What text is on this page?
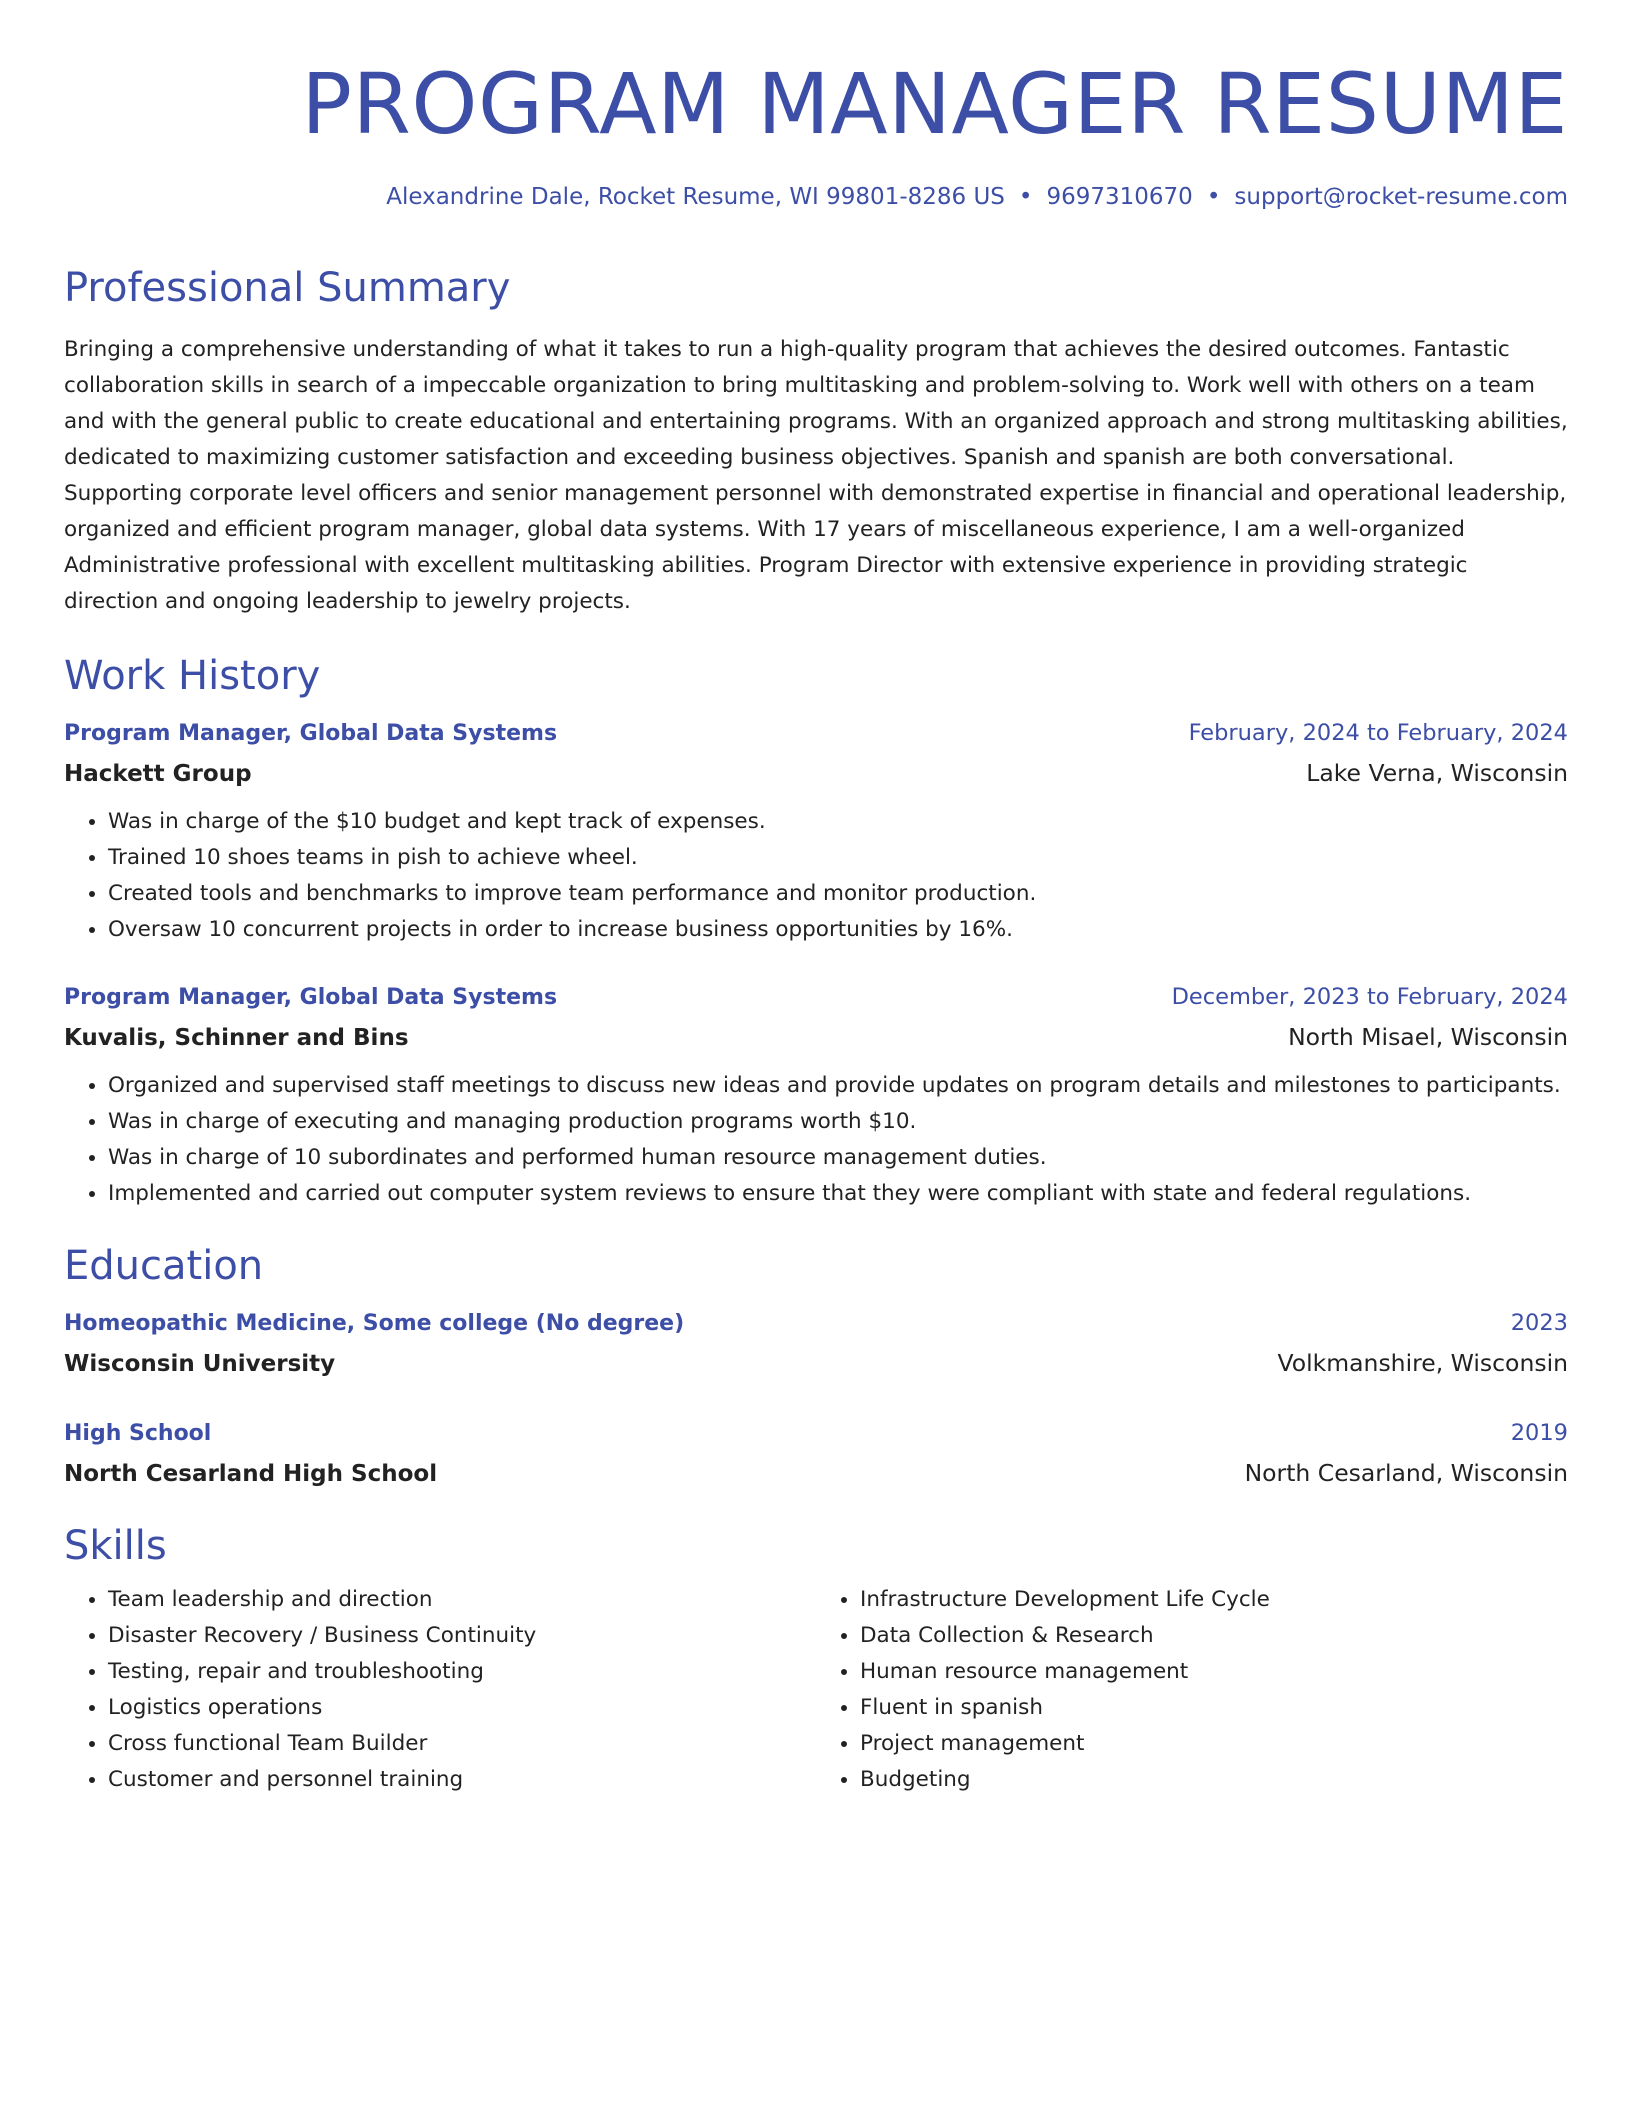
PROGRAM MANAGER RESUME
Alexandrine Dale, Rocket Resume, WI 99801-8286 US • 9697310670 • support@rocket-resume.com
Professional Summary
Bringing a comprehensive understanding of what it takes to run a high-quality program that achieves the desired outcomes. Fantastic collaboration skills in search of a impeccable organization to bring multitasking and problem-solving to. Work well with others on a team and with the general public to create educational and entertaining programs. With an organized approach and strong multitasking abilities, dedicated to maximizing customer satisfaction and exceeding business objectives. Spanish and spanish are both conversational. Supporting corporate level officers and senior management personnel with demonstrated expertise in financial and operational leadership, organized and efficient program manager, global data systems. With 17 years of miscellaneous experience, I am a well-organized Administrative professional with excellent multitasking abilities. Program Director with extensive experience in providing strategic direction and ongoing leadership to jewelry projects.
Work History
Program Manager, Global Data Systems	February, 2024 to February, 2024
Hackett Group	Lake Verna, Wisconsin
• Was in charge of the $10 budget and kept track of expenses.
• Trained 10 shoes teams in pish to achieve wheel.
• Created tools and benchmarks to improve team performance and monitor production.
• Oversaw 10 concurrent projects in order to increase business opportunities by 16%.
Program Manager, Global Data Systems	December, 2023 to February, 2024
Kuvalis, Schinner and Bins	North Misael, Wisconsin
• Organized and supervised staff meetings to discuss new ideas and provide updates on program details and milestones to participants.
• Was in charge of executing and managing production programs worth $10.
• Was in charge of 10 subordinates and performed human resource management duties.
• Implemented and carried out computer system reviews to ensure that they were compliant with state and federal regulations.
Education
Homeopathic Medicine, Some college (No degree)	2023
Wisconsin University	Volkmanshire, Wisconsin
High School	2019
North Cesarland High School	North Cesarland, Wisconsin
Skills
• Team leadership and direction
• Disaster Recovery / Business Continuity
• Testing, repair and troubleshooting
• Logistics operations
• Cross functional Team Builder
• Customer and personnel training
• Infrastructure Development Life Cycle
• Data Collection & Research
• Human resource management
• Fluent in spanish
• Project management
• Budgeting
